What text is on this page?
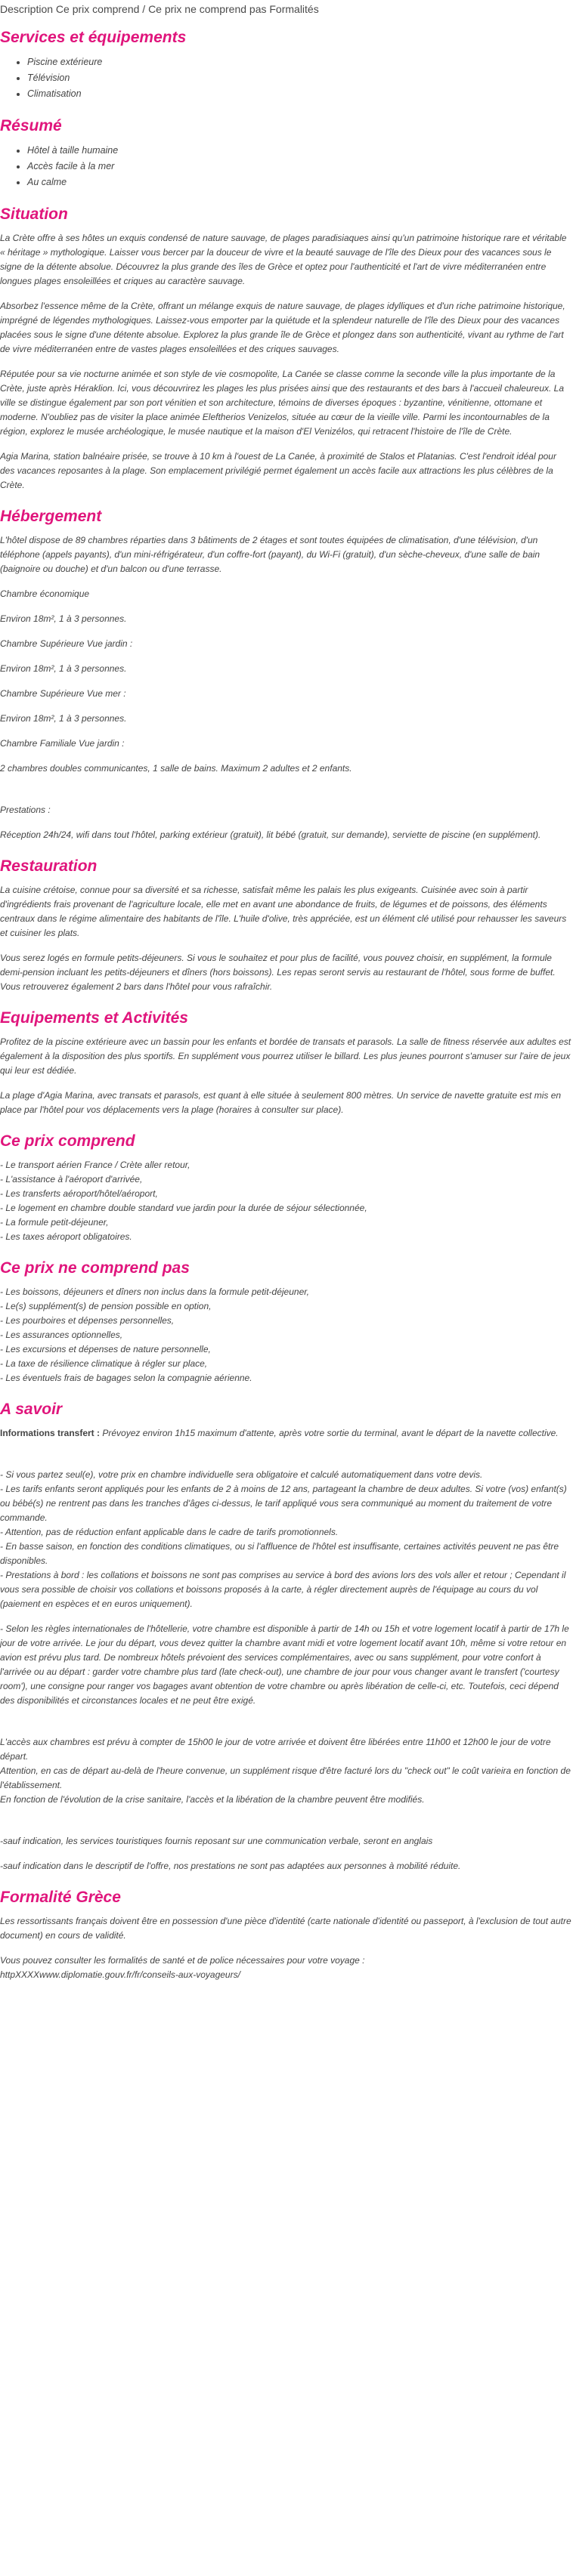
Description Ce prix comprend / Ce prix ne comprend pas Formalités
Services et équipements
• Piscine extérieure
• Télévision
• Climatisation
Résumé
• Hôtel à taille humaine
• Accès facile à la mer
• Au calme
Situation

La Crète offre à ses hôtes un exquis condensé de nature sauvage, de plages paradisiaques ainsi qu'un patrimoine historique rare et véritable « héritage » mythologique. Laisser vous bercer par la douceur de vivre et la beauté sauvage de l'île des Dieux pour des vacances sous le signe de la détente absolue. Découvrez la plus grande des îles de Grèce et optez pour l'authenticité et l'art de vivre méditerranéen entre longues plages ensoleillées et criques au caractère sauvage.

Absorbez l'essence même de la Crète, offrant un mélange exquis de nature sauvage, de plages idylliques et d'un riche patrimoine historique, imprégné de légendes mythologiques. Laissez-vous emporter par la quiétude et la splendeur naturelle de l'île des Dieux pour des vacances placées sous le signe d'une détente absolue. Explorez la plus grande île de Grèce et plongez dans son authenticité, vivant au rythme de l'art de vivre méditerranéen entre de vastes plages ensoleillées et des criques sauvages.

Réputée pour sa vie nocturne animée et son style de vie cosmopolite, La Canée se classe comme la seconde ville la plus importante de la Crète, juste après Héraklion. Ici, vous découvrirez les plages les plus prisées ainsi que des restaurants et des bars à l'accueil chaleureux. La ville se distingue également par son port vénitien et son architecture, témoins de diverses époques : byzantine, vénitienne, ottomane et moderne. N'oubliez pas de visiter la place animée Eleftherios Venizelos, située au cœur de la vieille ville. Parmi les incontournables de la région, explorez le musée archéologique, le musée nautique et la maison d'El Venizélos, qui retracent l'histoire de l'île de Crète.

Agia Marina, station balnéaire prisée, se trouve à 10 km à l'ouest de La Canée, à proximité de Stalos et Platanias. C'est l'endroit idéal pour des vacances reposantes à la plage. Son emplacement privilégié permet également un accès facile aux attractions les plus célèbres de la Crète.

Hébergement

L'hôtel dispose de 89 chambres réparties dans 3 bâtiments de 2 étages et sont toutes équipées de climatisation, d'une télévision, d'un téléphone (appels payants), d'un mini-réfrigérateur, d'un coffre-fort (payant), du Wi-Fi (gratuit), d'un sèche-cheveux, d'une salle de bain (baignoire ou douche) et d'un balcon ou d'une terrasse.

Chambre économique

Environ 18m², 1 à 3 personnes.

Chambre Supérieure Vue jardin :

Environ 18m², 1 à 3 personnes.

Chambre Supérieure Vue mer :

Environ 18m², 1 à 3 personnes.

Chambre Familiale Vue jardin :

2 chambres doubles communicantes, 1 salle de bains. Maximum 2 adultes et 2 enfants.

Prestations :

Réception 24h/24, wifi dans tout l'hôtel, parking extérieur (gratuit), lit bébé (gratuit, sur demande), serviette de piscine (en supplément).

Restauration

La cuisine crétoise, connue pour sa diversité et sa richesse, satisfait même les palais les plus exigeants. Cuisinée avec soin à partir d'ingrédients frais provenant de l'agriculture locale, elle met en avant une abondance de fruits, de légumes et de poissons, des éléments centraux dans le régime alimentaire des habitants de l'île. L'huile d'olive, très appréciée, est un élément clé utilisé pour rehausser les saveurs et cuisiner les plats.

Vous serez logés en formule petits-déjeuners. Si vous le souhaitez et pour plus de facilité, vous pouvez choisir, en supplément, la formule demi-pension incluant les petits-déjeuners et dîners (hors boissons). Les repas seront servis au restaurant de l'hôtel, sous forme de buffet. Vous retrouverez également 2 bars dans l'hôtel pour vous rafraîchir.

Equipements et Activités

Profitez de la piscine extérieure avec un bassin pour les enfants et bordée de transats et parasols. La salle de fitness réservée aux adultes est également à la disposition des plus sportifs. En supplément vous pourrez utiliser le billard. Les plus jeunes pourront s'amuser sur l'aire de jeux qui leur est dédiée.

La plage d'Agia Marina, avec transats et parasols, est quant à elle située à seulement 800 mètres. Un service de navette gratuite est mis en place par l'hôtel pour vos déplacements vers la plage (horaires à consulter sur place).

Ce prix comprend

- Le transport aérien France / Crète aller retour,
- L'assistance à l'aéroport d'arrivée,
- Les transferts aéroport/hôtel/aéroport,
- Le logement en chambre double standard vue jardin pour la durée de séjour sélectionnée,
- La formule petit-déjeuner,
- Les taxes aéroport obligatoires.

Ce prix ne comprend pas

- Les boissons, déjeuners et dîners non inclus dans la formule petit-déjeuner,
- Le(s) supplément(s) de pension possible en option,
- Les pourboires et dépenses personnelles,
- Les assurances optionnelles,
- Les excursions et dépenses de nature personnelle,
- La taxe de résilience climatique à régler sur place,
- Les éventuels frais de bagages selon la compagnie aérienne.

A savoir

Informations transfert : Prévoyez environ 1h15 maximum d'attente, après votre sortie du terminal, avant le départ de la navette collective.

- Si vous partez seul(e), votre prix en chambre individuelle sera obligatoire et calculé automatiquement dans votre devis.
- Les tarifs enfants seront appliqués pour les enfants de 2 à moins de 12 ans, partageant la chambre de deux adultes. Si votre (vos) enfant(s) ou bébé(s) ne rentrent pas dans les tranches d'âges ci-dessus, le tarif appliqué vous sera communiqué au moment du traitement de votre commande.
- Attention, pas de réduction enfant applicable dans le cadre de tarifs promotionnels.
- En basse saison, en fonction des conditions climatiques, ou si l'affluence de l'hôtel est insuffisante, certaines activités peuvent ne pas être disponibles.
- Prestations à bord : les collations et boissons ne sont pas comprises au service à bord des avions lors des vols aller et retour ; Cependant il vous sera possible de choisir vos collations et boissons proposés à la carte, à régler directement auprès de l'équipage au cours du vol (paiement en espèces et en euros uniquement).

- Selon les règles internationales de l'hôtellerie, votre chambre est disponible à partir de 14h ou 15h et votre logement locatif à partir de 17h le jour de votre arrivée. Le jour du départ, vous devez quitter la chambre avant midi et votre logement locatif avant 10h, même si votre retour en avion est prévu plus tard. De nombreux hôtels prévoient des services complémentaires, avec ou sans supplément, pour votre confort à l'arrivée ou au départ : garder votre chambre plus tard (late check-out), une chambre de jour pour vous changer avant le transfert ('courtesy room'), une consigne pour ranger vos bagages avant obtention de votre chambre ou après libération de celle-ci, etc. Toutefois, ceci dépend des disponibilités et circonstances locales et ne peut être exigé.

L'accès aux chambres est prévu à compter de 15h00 le jour de votre arrivée et doivent être libérées entre 11h00 et 12h00 le jour de votre départ.
Attention, en cas de départ au-delà de l'heure convenue, un supplément risque d'être facturé lors du "check out" le coût varieira en fonction de l'établissement.
En fonction de l'évolution de la crise sanitaire, l'accès et la libération de la chambre peuvent être modifiés.

-sauf indication, les services touristiques fournis reposant sur une communication verbale, seront en anglais

-sauf indication dans le descriptif de l'offre, nos prestations ne sont pas adaptées aux personnes à mobilité réduite.

Formalité Grèce

Les ressortissants français doivent être en possession d'une pièce d'identité (carte nationale d'identité ou passeport, à l'exclusion de tout autre document) en cours de validité.

Vous pouvez consulter les formalités de santé et de police nécessaires pour votre voyage :
httpXXXXwww.diplomatie.gouv.fr/fr/conseils-aux-voyageurs/
